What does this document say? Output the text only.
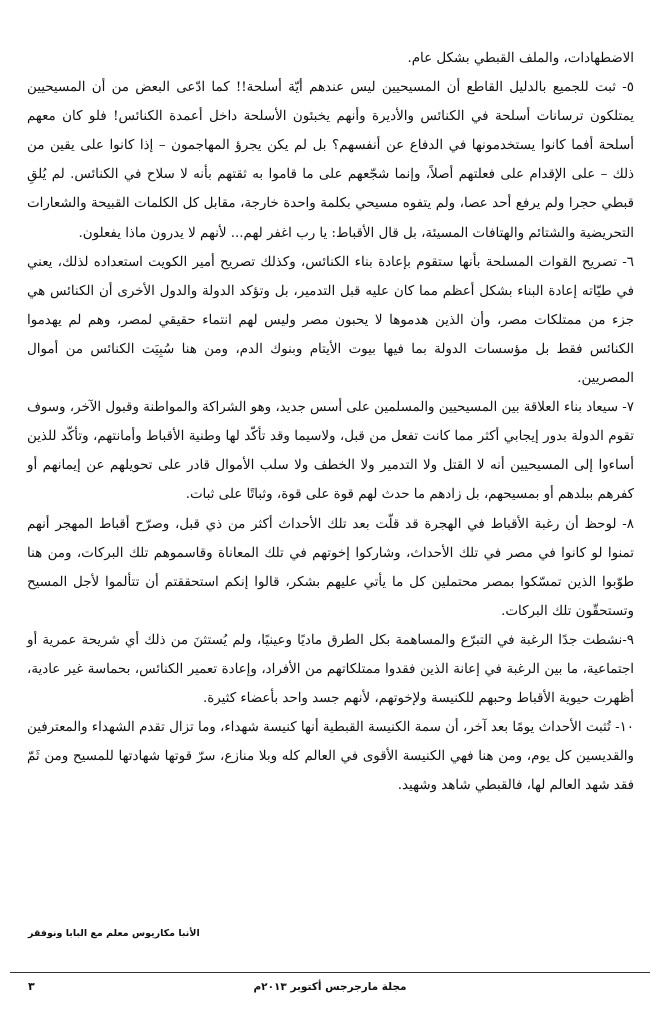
الاضطهادات، والملف القبطي بشكل عام.

٥- ثبت للجميع بالدليل القاطع أن المسيحيين ليس عندهم أيّة أسلحة!! كما ادّعى البعض من أن المسيحيين يمتلكون ترسانات أسلحة في الكنائس والأديرة وأنهم يخبئون الأسلحة داخل أعمدة الكنائس! فلو كان معهم أسلحة أفما كانوا يستخدمونها في الدفاع عن أنفسهم؟ بل لم يكن يجرؤ المهاجمون – إذا كانوا على يقين من ذلك – على الإقدام على فعلتهم أصلاً، وإنما شجّعهم على ما قاموا به ثقتهم بأنه لا سلاح في الكنائس. لم يُلقِ قبطي حجرا ولم يرفع أحد عصا، ولم يتفوه مسيحي بكلمة واحدة خارجة، مقابل كل الكلمات القبيحة والشعارات التحريضية والشتائم والهتافات المسيئة، بل قال الأقباط: يا رب اغفر لهم... لأنهم لا يدرون ماذا يفعلون.

٦- تصريح القوات المسلحة بأنها ستقوم بإعادة بناء الكنائس، وكذلك تصريح أمير الكويت استعداده لذلك، يعني في طيّاته إعادة البناء بشكل أعظم مما كان عليه قبل التدمير، بل وتؤكد الدولة والدول الأخرى أن الكنائس هي جزء من ممتلكات مصر، وأن الذين هدموها لا يحبون مصر وليس لهم انتماء حقيقي لمصر، وهم لم يهدموا الكنائس فقط بل مؤسسات الدولة بما فيها بيوت الأيتام وبنوك الدم، ومن هنا سُبِيَت الكنائس من أموال المصريين.

٧- سيعاد بناء العلاقة بين المسيحيين والمسلمين على أسس جديد، وهو الشراكة والمواطنة وقبول الآخر، وسوف تقوم الدولة بدور إيجابي أكثر مما كانت تفعل من قبل، ولاسيما وقد تأكّد لها وطنية الأقباط وأمانتهم، وتأكّد للذين أساءوا إلى المسيحيين أنه لا القتل ولا التدمير ولا الخطف ولا سلب الأموال قادر على تحويلهم عن إيمانهم أو كفرهم ببلدهم أو بمسيحهم، بل زادهم ما حدث لهم قوة على قوة، وثباتًا على ثبات.

٨- لوحظ أن رغبة الأقباط في الهجرة قد قلّت بعد تلك الأحداث أكثر من ذي قبل، وصرّح أقباط المهجر أنهم تمنوا لو كانوا في مصر في تلك الأحداث، وشاركوا إخوتهم في تلك المعاناة وقاسموهم تلك البركات، ومن هنا طوّبوا الذين تمسّكوا بمصر محتملين كل ما يأتي عليهم بشكر، قالوا إنكم استحققتم أن تتألموا لأجل المسيح وتستحقّون تلك البركات.

٩-نشطت جدًا الرغبة في التبرّع والمساهمة بكل الطرق ماديًا وعينيًا، ولم يُستثنَ من ذلك أي شريحة عمرية أو اجتماعية، ما بين الرغبة في إعانة الذين فقدوا ممتلكاتهم من الأفراد، وإعادة تعمير الكنائس، بحماسة غير عادية، أظهرت حيوية الأقباط وحبهم للكنيسة ولإخوتهم، لأنهم جسد واحد بأعضاء كثيرة.

١٠- تُثبت الأحداث يومًا بعد آخر، أن سمة الكنيسة القبطية أنها كنيسة شهداء، وما تزال تقدم الشهداء والمعترفين والقديسين كل يوم، ومن هنا فهي الكنيسة الأقوى في العالم كله وبلا منازع، سرّ قوتها شهادتها للمسيح ومن ثَمّ فقد شهد العالم لها، فالقبطي شاهد وشهيد.

الأنبا مكاريوس معلم مع البابا ونوفقر
مجلة مارجرجس أكتوبر ٢٠١٣م
٣
